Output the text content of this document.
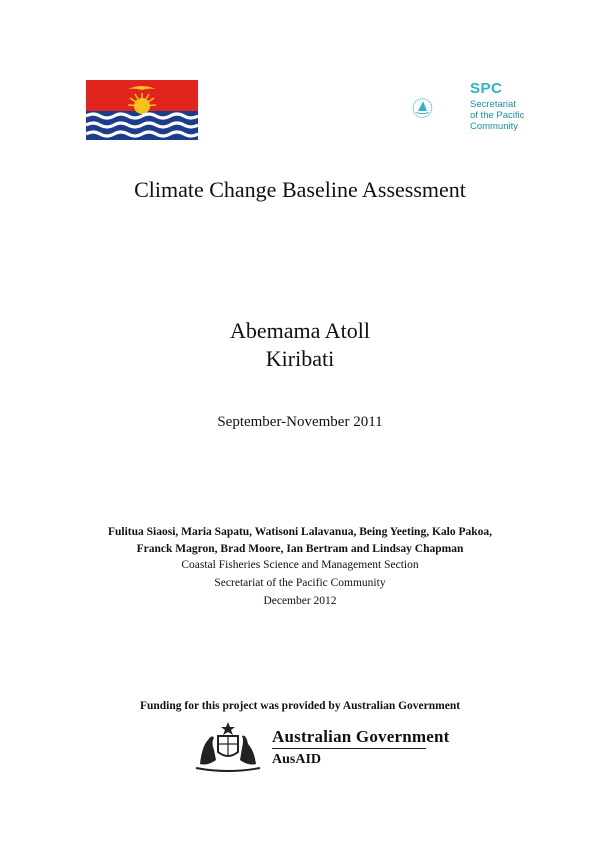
SPC
Secretariat
of the Pacific
Community
Climate Change Baseline Assessment
Abemama Atoll
Kiribati
September-November 2011
Fulitua Siaosi, Maria Sapatu, Watisoni Lalavanua, Being Yeeting, Kalo Pakoa,
Franck Magron, Brad Moore, Ian Bertram and Lindsay Chapman
Coastal Fisheries Science and Management Section
Secretariat of the Pacific Community
December 2012
Funding for this project was provided by Australian Government
Australian Government
AusAID
